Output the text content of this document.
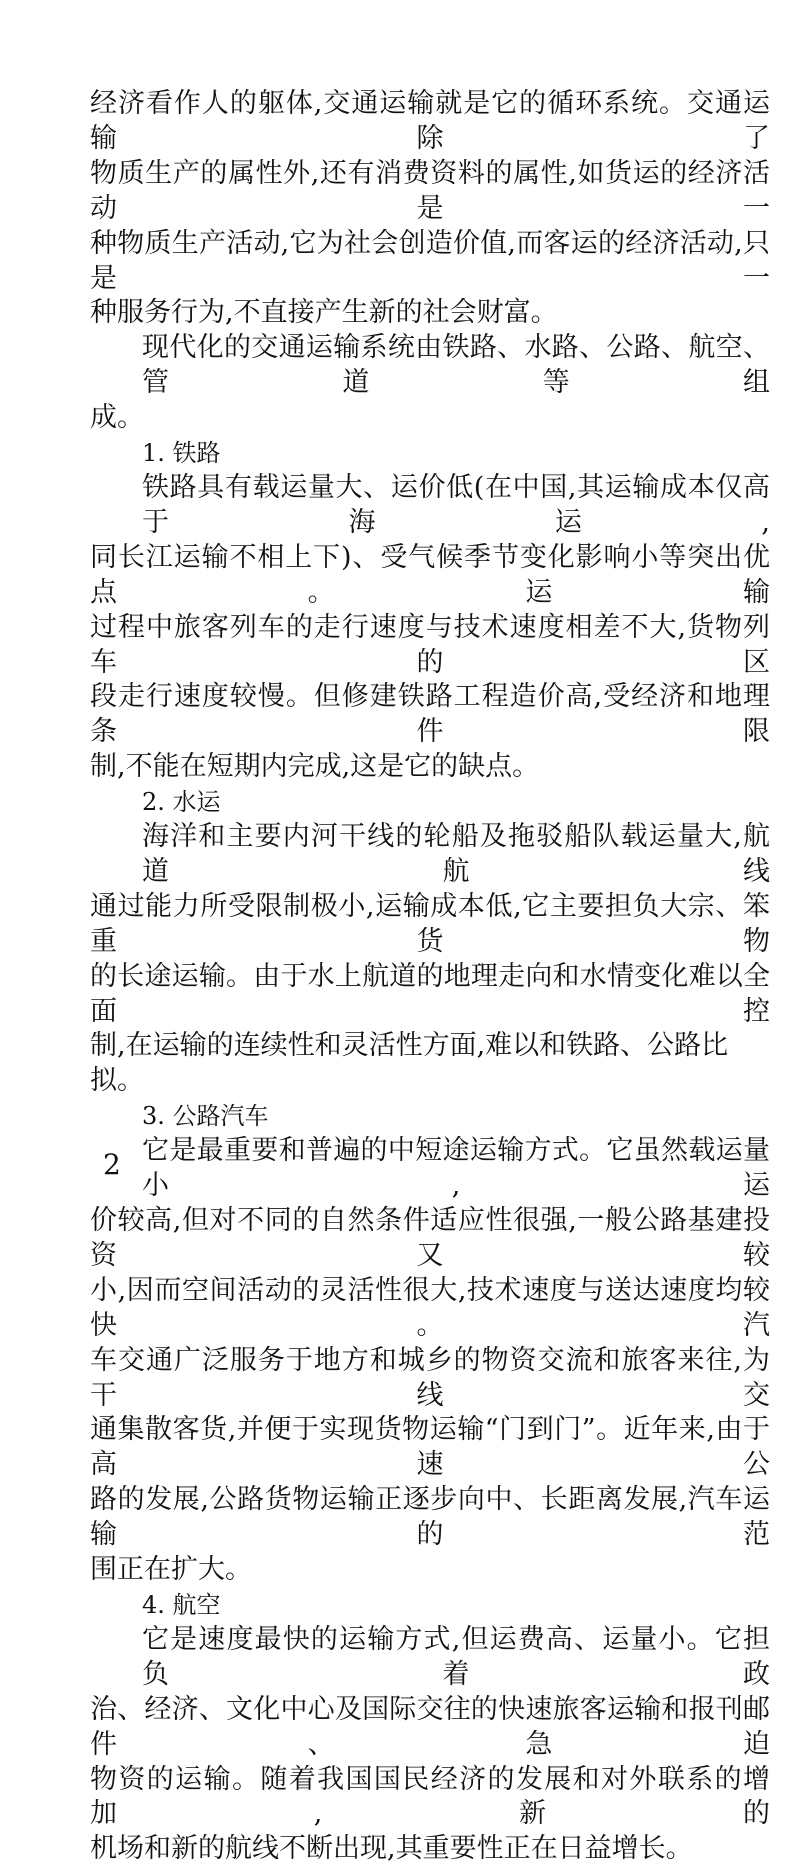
经济看作人的躯体,交通运输就是它的循环系统。交通运输除了
物质生产的属性外,还有消费资料的属性,如货运的经济活动是一
种物质生产活动,它为社会创造价值,而客运的经济活动,只是一
种服务行为,不直接产生新的社会财富。
现代化的交通运输系统由铁路、水路、公路、航空、管道等组
成。
1. 铁路
铁路具有载运量大、运价低(在中国,其运输成本仅高于海运,
同长江运输不相上下)、受气候季节变化影响小等突出优点。运输
过程中旅客列车的走行速度与技术速度相差不大,货物列车的区
段走行速度较慢。但修建铁路工程造价高,受经济和地理条件限
制,不能在短期内完成,这是它的缺点。
2. 水运
海洋和主要内河干线的轮船及拖驳船队载运量大,航道航线
通过能力所受限制极小,运输成本低,它主要担负大宗、笨重货物
的长途运输。由于水上航道的地理走向和水情变化难以全面控
制,在运输的连续性和灵活性方面,难以和铁路、公路比拟。
3. 公路汽车
它是最重要和普遍的中短途运输方式。它虽然载运量小,运
价较高,但对不同的自然条件适应性很强,一般公路基建投资又较
小,因而空间活动的灵活性很大,技术速度与送达速度均较快。汽
车交通广泛服务于地方和城乡的物资交流和旅客来往,为干线交
通集散客货,并便于实现货物运输“门到门”。近年来,由于高速公
路的发展,公路货物运输正逐步向中、长距离发展,汽车运输的范
围正在扩大。
4. 航空
它是速度最快的运输方式,但运费高、运量小。它担负着政
治、经济、文化中心及国际交往的快速旅客运输和报刊邮件、急迫
物资的运输。随着我国国民经济的发展和对外联系的增加,新的
机场和新的航线不断出现,其重要性正在日益增长。
2
